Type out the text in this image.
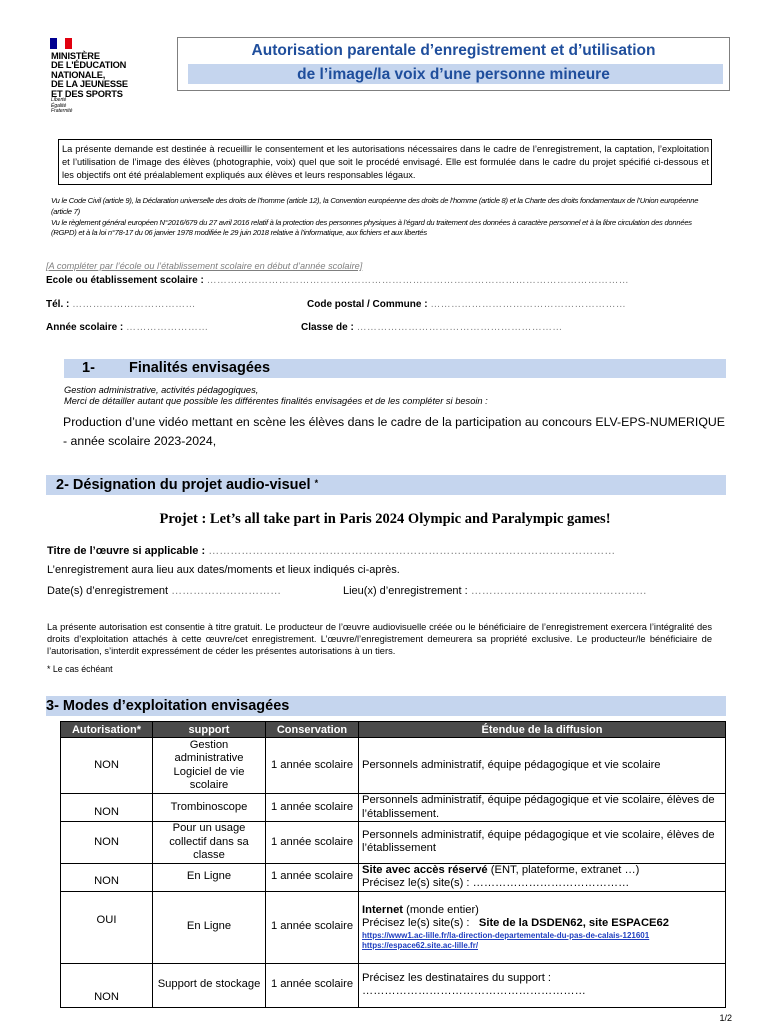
MINISTÈRE
DE L'ÉDUCATION
NATIONALE,
DE LA JEUNESSE
ET DES SPORTS
Liberté
Égalité
Fraternité
Autorisation parentale d’enregistrement et d’utilisation
de l’image/la voix d’une personne mineure
La présente demande est destinée à recueillir le consentement et les autorisations nécessaires dans le cadre de l’enregistrement, la captation, l’exploitation et l’utilisation de l’image des élèves (photographie, voix) quel que soit le procédé envisagé. Elle est formulée dans le cadre du projet spécifié ci-dessous et les objectifs ont été préalablement expliqués aux élèves et leurs responsables légaux.
Vu le Code Civil (article 9), la Déclaration universelle des droits de l’homme (article 12), la Convention européenne des droits de l’homme (article 8) et la Charte des droits fondamentaux de l’Union européenne (article 7)
Vu le règlement général européen N°2016/679 du 27 avril 2016 relatif à la protection des personnes physiques à l’égard du traitement des données à caractère personnel et à la libre circulation des données (RGPD) et à la loi n°78-17 du 06 janvier 1978 modifiée le 29 juin 2018 relative à l’informatique, aux fichiers et aux libertés
[A compléter par l’école ou l’établissement scolaire en début d’année scolaire]
Ecole ou établissement scolaire : ……………………………………………………………………………………………………………
Tél. : ………………………………	Code postal / Commune : …………………………………………………
Année scolaire : ……………………	Classe de : ……………………………………………………
1- Finalités envisagées
Gestion administrative, activités pédagogiques,
Merci de détailler autant que possible les différentes finalités envisagées et de les compléter si besoin :
Production d’une vidéo mettant en scène les élèves dans le cadre de la participation au concours ELV-EPS-NUMERIQUE - année scolaire 2023-2024,
2- Désignation du projet audio-visuel *
Projet : Let’s all take part in Paris 2024 Olympic and Paralympic games!
Titre de l’œuvre si applicable : …………………………………………………………………………………………………
L’enregistrement aura lieu aux dates/moments et lieux indiqués ci-après.
Date(s) d’enregistrement …………………………	Lieu(x) d’enregistrement : …………………………………………
La présente autorisation est consentie à titre gratuit. Le producteur de l’œuvre audiovisuelle créée ou le bénéficiaire de l’enregistrement exercera l’intégralité des droits d’exploitation attachés à cette œuvre/cet enregistrement. L’œuvre/l’enregistrement demeurera sa propriété exclusive. Le producteur/le bénéficiaire de l’autorisation, s’interdit expressément de céder les présentes autorisations à un tiers.
* Le cas échéant
3- Modes d’exploitation envisagées
Autorisation*	support	Conservation	Étendue de la diffusion
NON	Gestion administrative Logiciel de vie scolaire	1 année scolaire	Personnels administratif, équipe pédagogique et vie scolaire
NON	Trombinoscope	1 année scolaire	Personnels administratif, équipe pédagogique et vie scolaire, élèves de l’établissement.
NON	Pour un usage collectif dans sa classe	1 année scolaire	Personnels administratif, équipe pédagogique et vie scolaire, élèves de l’établissement
NON	En Ligne	1 année scolaire	Site avec accès réservé (ENT, plateforme, extranet …)
Précisez le(s) site(s) : ……………………………………

OUI	En Ligne	1 année scolaire	Internet (monde entier)
Précisez le(s) site(s) : Site de la DSDEN62, site ESPACE62
https://www1.ac-lille.fr/la-direction-departementale-du-pas-de-calais-121601
https://espace62.site.ac-lille.fr/

NON	Support de stockage	1 année scolaire	Précisez les destinataires du support :
……………………………………………………
1/2
